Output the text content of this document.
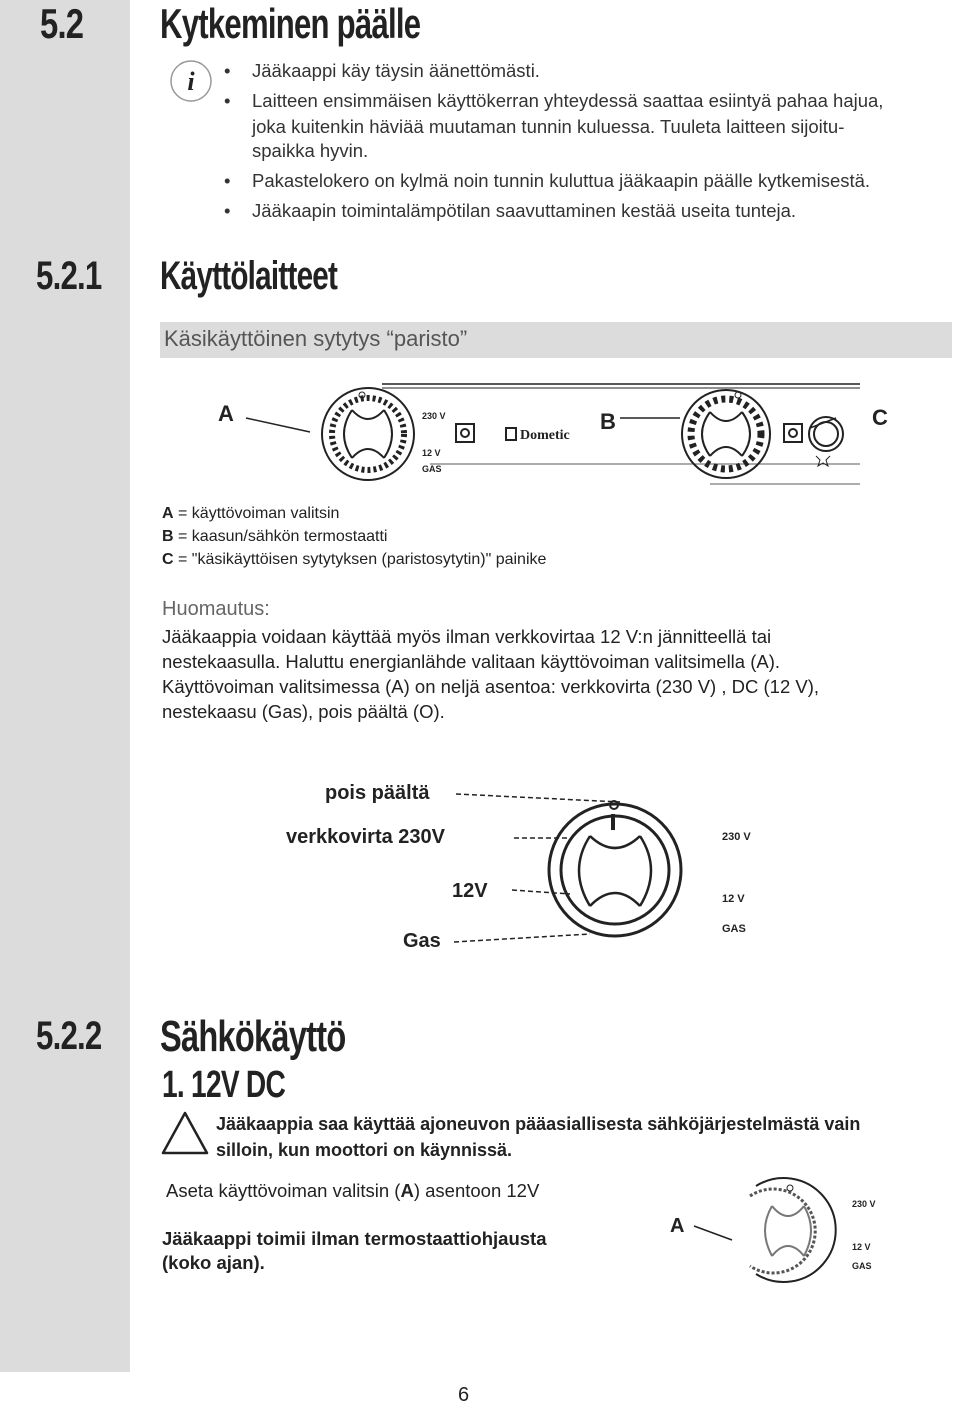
5.2 Kytkeminen päälle
i • Jääkaappi käy täysin äänettömästi.
• Laitteen ensimmäisen käyttökerran yhteydessä saattaa esiintyä pahaa hajua,
joka kuitenkin häviää muutaman tunnin kuluessa. Tuuleta laitteen sijoitu-
spaikka hyvin.
• Pakastelokero on kylmä noin tunnin kuluttua jääkaapin päälle kytkemisestä.
• Jääkaapin toimintalämpötilan saavuttaminen kestää useita tunteja.
5.2.1 Käyttölaitteet
Käsikäyttöinen sytytys “paristo”
A	B	C
230 V
12 V
GAS
Dometic
A = käyttövoiman valitsin
B = kaasun/sähkön termostaatti
C = "käsikäyttöisen sytytyksen (paristosytytin)" painike
Huomautus:
Jääkaappia voidaan käyttää myös ilman verkkovirtaa 12 V:n jännitteellä tai
nestekaasulla. Haluttu energianlähde valitaan käyttövoiman valitsimella (A).
Käyttövoiman valitsimessa (A) on neljä asentoa: verkkovirta (230 V) , DC (12 V),
nestekaasu (Gas), pois päältä (O).
pois päältä
verkkovirta 230V
12V
Gas
230 V
12 V
GAS
5.2.2 Sähkökäyttö
1. 12V DC
Jääkaappia saa käyttää ajoneuvon pääasiallisesta sähköjärjestelmästä vain
silloin, kun moottori on käynnissä.
Aseta käyttövoiman valitsin (A) asentoon 12V
Jääkaappi toimii ilman termostaattiohjausta
(koko ajan).
A
230 V
12 V
GAS
6
